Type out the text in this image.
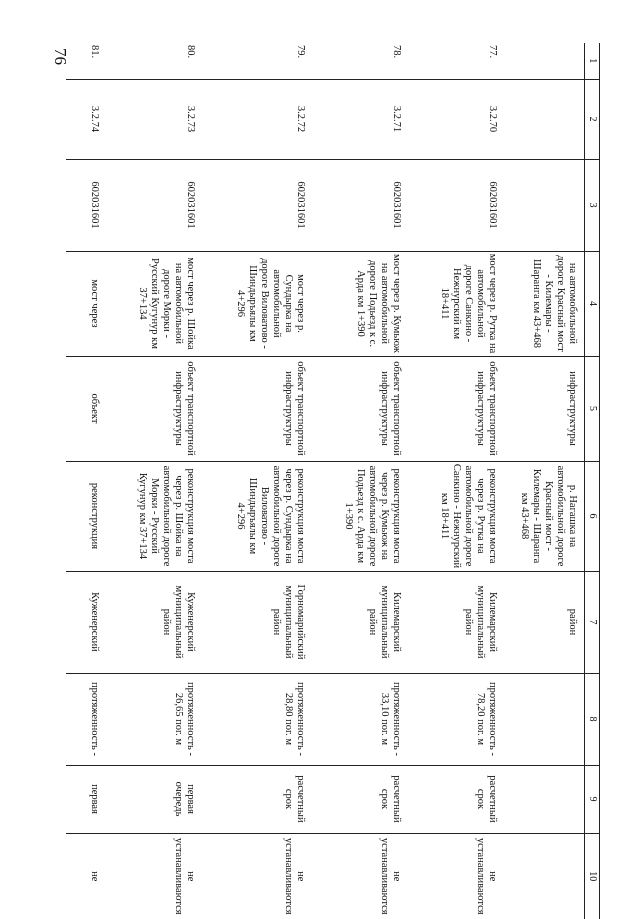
76	1	2	3	4	5	6	7	8	9	10
			на автомобильной дороге Красный мост - Килемары - Шаранга км 43+468	инфраструктуры	р. Нагашка на автомобильной дороге Красный мост - Килемары - Шаранга км 43+468	район			
77.	3.2.70	602031601	мост через р. Рутка на автомобильной дороге Санкино - Нежнурский км 18+411	объект транспортной инфраструктуры	реконструкция моста через р. Рутка на автомобильной дороге Санкино - Нежнурский км 18+411	Килемарский муниципальный район	протяженность - 78,20 пог. м	расчетный срок	не устанавливаются
78.	3.2.71	602031601	мост через р. Кумьюж на автомобильной дороге Подьезд к с. Арда км 1+390	объект транспортной инфраструктуры	реконструкция моста через р. Кумьюж на автомобильной дороге Подьезд к с. Арда км 1+390	Килемарский муниципальный район	протяженность - 33,10 пог. м	расчетный срок	не устанавливаются
79.	3.2.72	602031601	мост через р. Сундырка на автомобильной дороге Виловатово - Шиндыръялы км 4+296	объект транспортной инфраструктуры	реконструкция моста через р. Сундырка на автомобильной дороге Виловатово - Шиндыръялы км 4+296	Горномарийский муниципальный район	протяженность - 28,80 пог. м	расчетный срок	не устанавливаются
80.	3.2.73	602031601	мост через р. Шойка на автомобильной дороге Морки - Русский Кугунур км 37+134	объект транспортной инфраструктуры	реконструкция моста через р. Шойка на автомобильной дороге Морки - Русский Кугунур км 37+134	Куженерский муниципальный район	протяженность - 26,65 пог. м	первая очередь	не устанавливаются
81.	3.2.74	602031601	мост через	объект	реконструкция	Куженерский	протяженность -	первая	не
